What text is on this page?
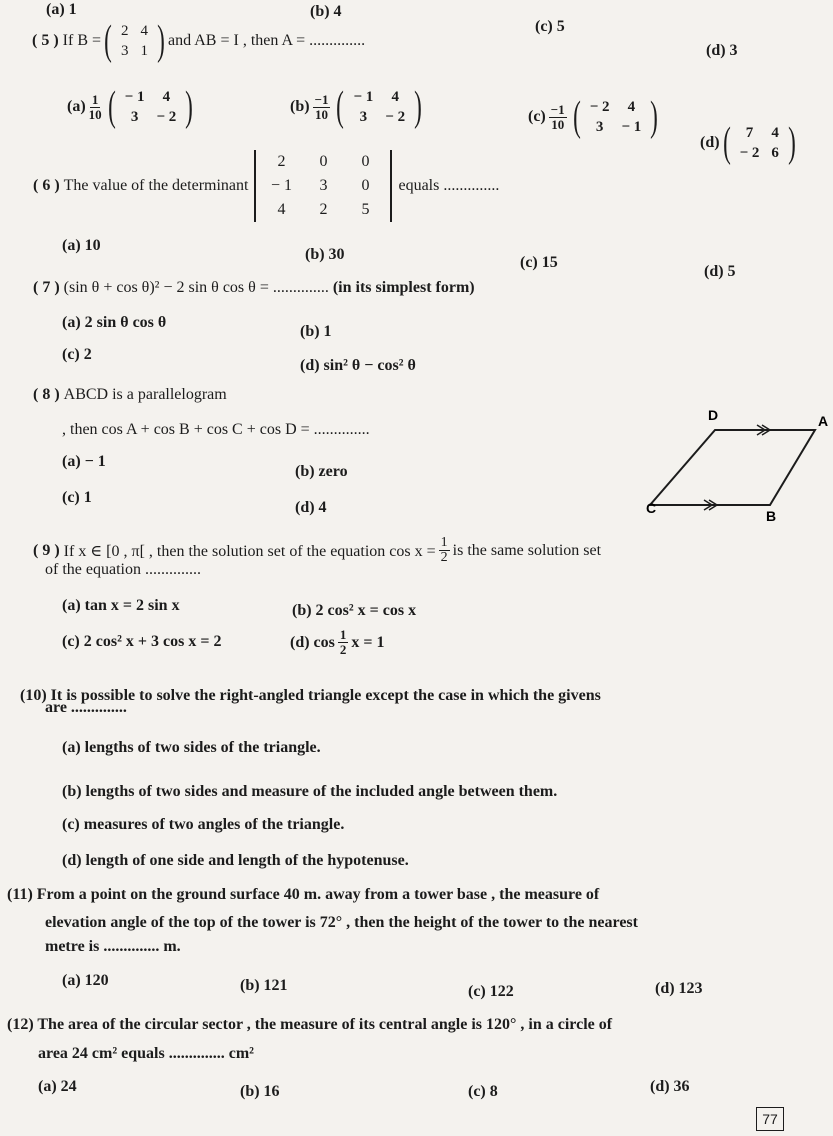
(a) 1	(b) 4
(c) 5
(d) 3
( 5 )
If B = ( 2	4
3	1 ) and AB = I , then A =
..............
$(a) \frac{1}{10}$ ( − 1	4
3	− 2 )	$(b) \frac{-1}{10}$ ( − 1	4
3	− 2 )	$(c) \frac{-1}{10}$ ( − 2	4
3	− 1 )
(d) ( 7	4
− 2	6 )
( 6 )
The value of the determinant
2	0	0
− 1	3	0
4	2	5
equals
..............
(a) 10
(b) 30	(c) 15
(d) 5
( 7 ) (sin θ + cos θ)² − 2 sin θ cos θ = .............. (in its simplest form)
(a) 2 sin θ cos θ
(b) 1
(c) 2
(d) sin² θ − cos² θ
( 8 ) ABCD is a parallelogram
, then cos A + cos B + cos C + cos D = ..............
(a) − 1
(b) zero
(c) 1
(d) 4
D	A
B
C
( 9 )
If x ∈ [0 , π[ , then the solution set of the equation $\cos x = \frac{1}{2}$ is the same solution set
of the equation ..............
(a) tan x = 2 sin x	(b) 2 cos² x = cos x
(c) 2 cos² x + 3 cos x = 2	(d) $\cos \frac{1}{2}$ x = 1
(10) It is possible to solve the right-angled triangle except the case in which the givens
are ..............
(a) lengths of two sides of the triangle.
(b) lengths of two sides and measure of the included angle between them.
(c) measures of two angles of the triangle.
(d) length of one side and length of the hypotenuse.
(11) From a point on the ground surface 40 m. away from a tower base , the measure of
elevation angle of the top of the tower is 72° , then the height of the tower to the nearest
metre is .............. m.
(a) 120	(b) 121	(c) 122	(d) 123
(12) The area of the circular sector , the measure of its central angle is 120° , in a circle of
area 24 cm² equals .............. cm²
(a) 24	(b) 16	(c) 8	(d) 36
77
